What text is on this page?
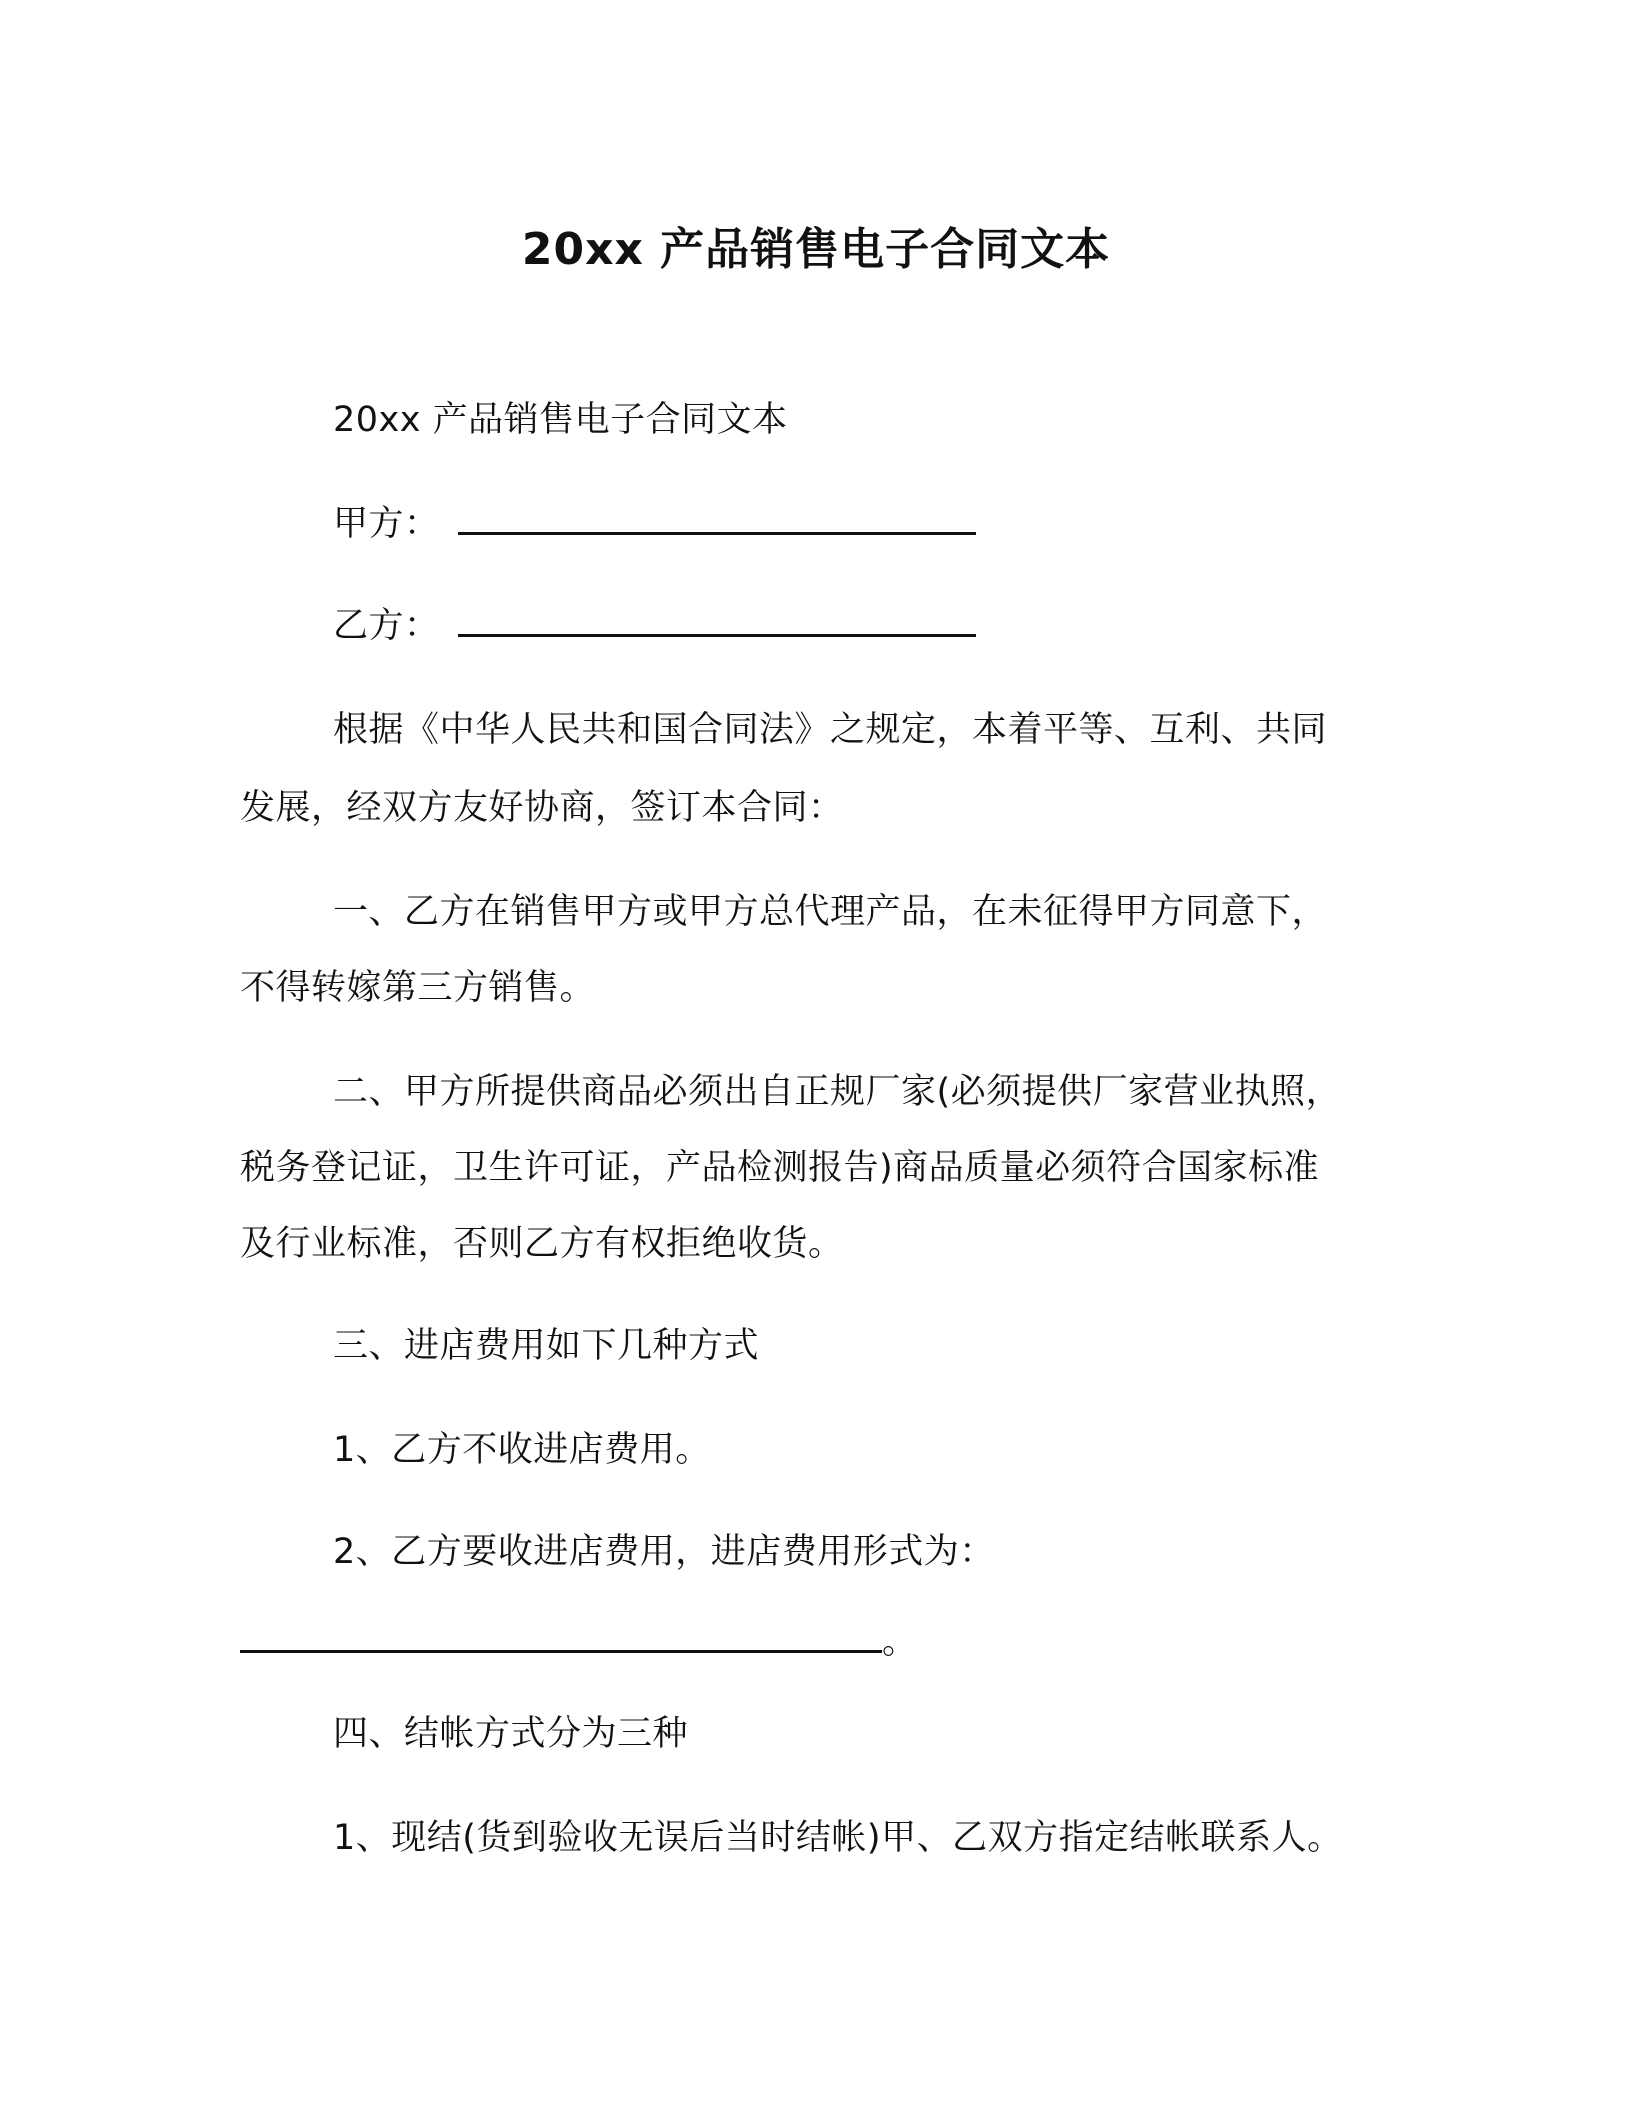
20xx 产品销售电子合同文本
20xx 产品销售电子合同文本
甲方：
乙方：
根据《中华人民共和国合同法》之规定，本着平等、互利、共同
发展，经双方友好协商，签订本合同：
一、乙方在销售甲方或甲方总代理产品，在未征得甲方同意下，
不得转嫁第三方销售。
二、甲方所提供商品必须出自正规厂家(必须提供厂家营业执照，
税务登记证，卫生许可证，产品检测报告)商品质量必须符合国家标准
及行业标准，否则乙方有权拒绝收货。
三、进店费用如下几种方式
1、乙方不收进店费用。
2、乙方要收进店费用，进店费用形式为：
。
四、结帐方式分为三种
1、现结(货到验收无误后当时结帐)甲、乙双方指定结帐联系人。
